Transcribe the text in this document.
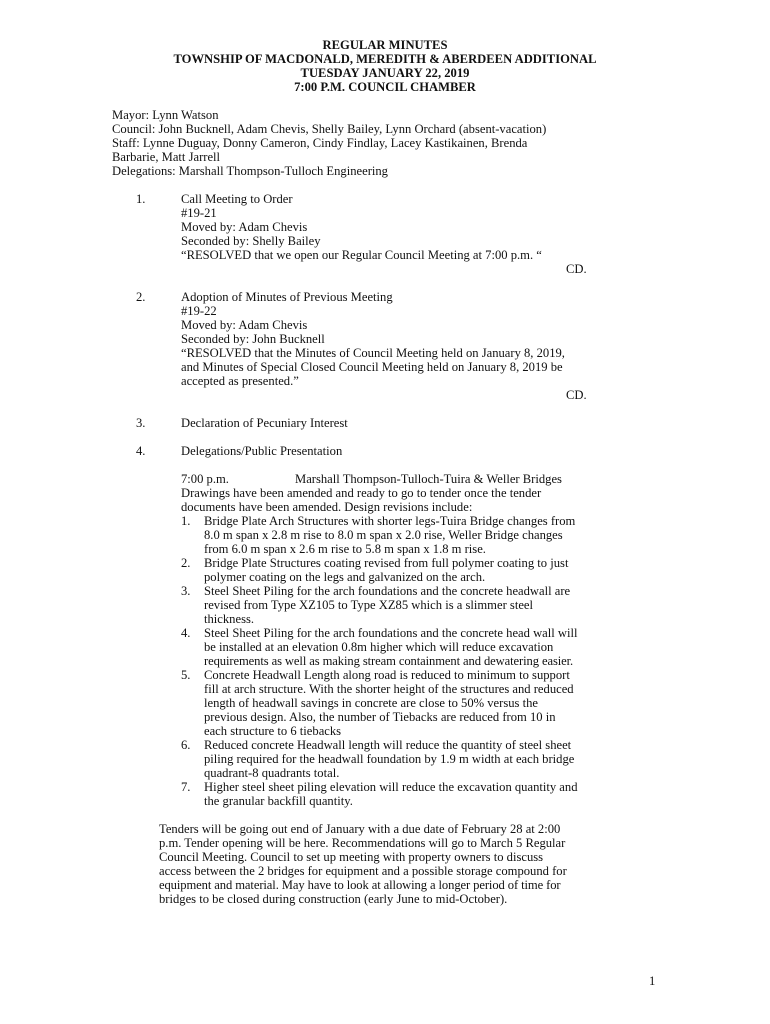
REGULAR MINUTES
TOWNSHIP OF MACDONALD, MEREDITH & ABERDEEN ADDITIONAL
TUESDAY JANUARY 22, 2019
7:00 P.M. COUNCIL CHAMBER
Mayor: Lynn Watson
Council: John Bucknell, Adam Chevis, Shelly Bailey, Lynn Orchard (absent-vacation)
Staff: Lynne Duguay, Donny Cameron, Cindy Findlay, Lacey Kastikainen, Brenda
Barbarie, Matt Jarrell
Delegations: Marshall Thompson-Tulloch Engineering
1.	Call Meeting to Order
#19-21
Moved by: Adam Chevis
Seconded by: Shelly Bailey
“RESOLVED that we open our Regular Council Meeting at 7:00 p.m. “
CD.
2.	Adoption of Minutes of Previous Meeting
#19-22
Moved by: Adam Chevis
Seconded by: John Bucknell
“RESOLVED that the Minutes of Council Meeting held on January 8, 2019,
and Minutes of Special Closed Council Meeting held on January 8, 2019 be
accepted as presented.”
CD.
3.	Declaration of Pecuniary Interest
4.	Delegations/Public Presentation
7:00 p.m.	Marshall Thompson-Tulloch-Tuira & Weller Bridges
Drawings have been amended and ready to go to tender once the tender
documents have been amended. Design revisions include:
1. Bridge Plate Arch Structures with shorter legs-Tuira Bridge changes from
8.0 m span x 2.8 m rise to 8.0 m span x 2.0 rise, Weller Bridge changes
from 6.0 m span x 2.6 m rise to 5.8 m span x 1.8 m rise.
2. Bridge Plate Structures coating revised from full polymer coating to just
polymer coating on the legs and galvanized on the arch.
3. Steel Sheet Piling for the arch foundations and the concrete headwall are
revised from Type XZ105 to Type XZ85 which is a slimmer steel
thickness.
4. Steel Sheet Piling for the arch foundations and the concrete head wall will
be installed at an elevation 0.8m higher which will reduce excavation
requirements as well as making stream containment and dewatering easier.
5. Concrete Headwall Length along road is reduced to minimum to support
fill at arch structure. With the shorter height of the structures and reduced
length of headwall savings in concrete are close to 50% versus the
previous design. Also, the number of Tiebacks are reduced from 10 in
each structure to 6 tiebacks
6. Reduced concrete Headwall length will reduce the quantity of steel sheet
piling required for the headwall foundation by 1.9 m width at each bridge
quadrant-8 quadrants total.
7. Higher steel sheet piling elevation will reduce the excavation quantity and
the granular backfill quantity.
Tenders will be going out end of January with a due date of February 28 at 2:00
p.m. Tender opening will be here. Recommendations will go to March 5 Regular
Council Meeting. Council to set up meeting with property owners to discuss
access between the 2 bridges for equipment and a possible storage compound for
equipment and material. May have to look at allowing a longer period of time for
bridges to be closed during construction (early June to mid-October).
1
